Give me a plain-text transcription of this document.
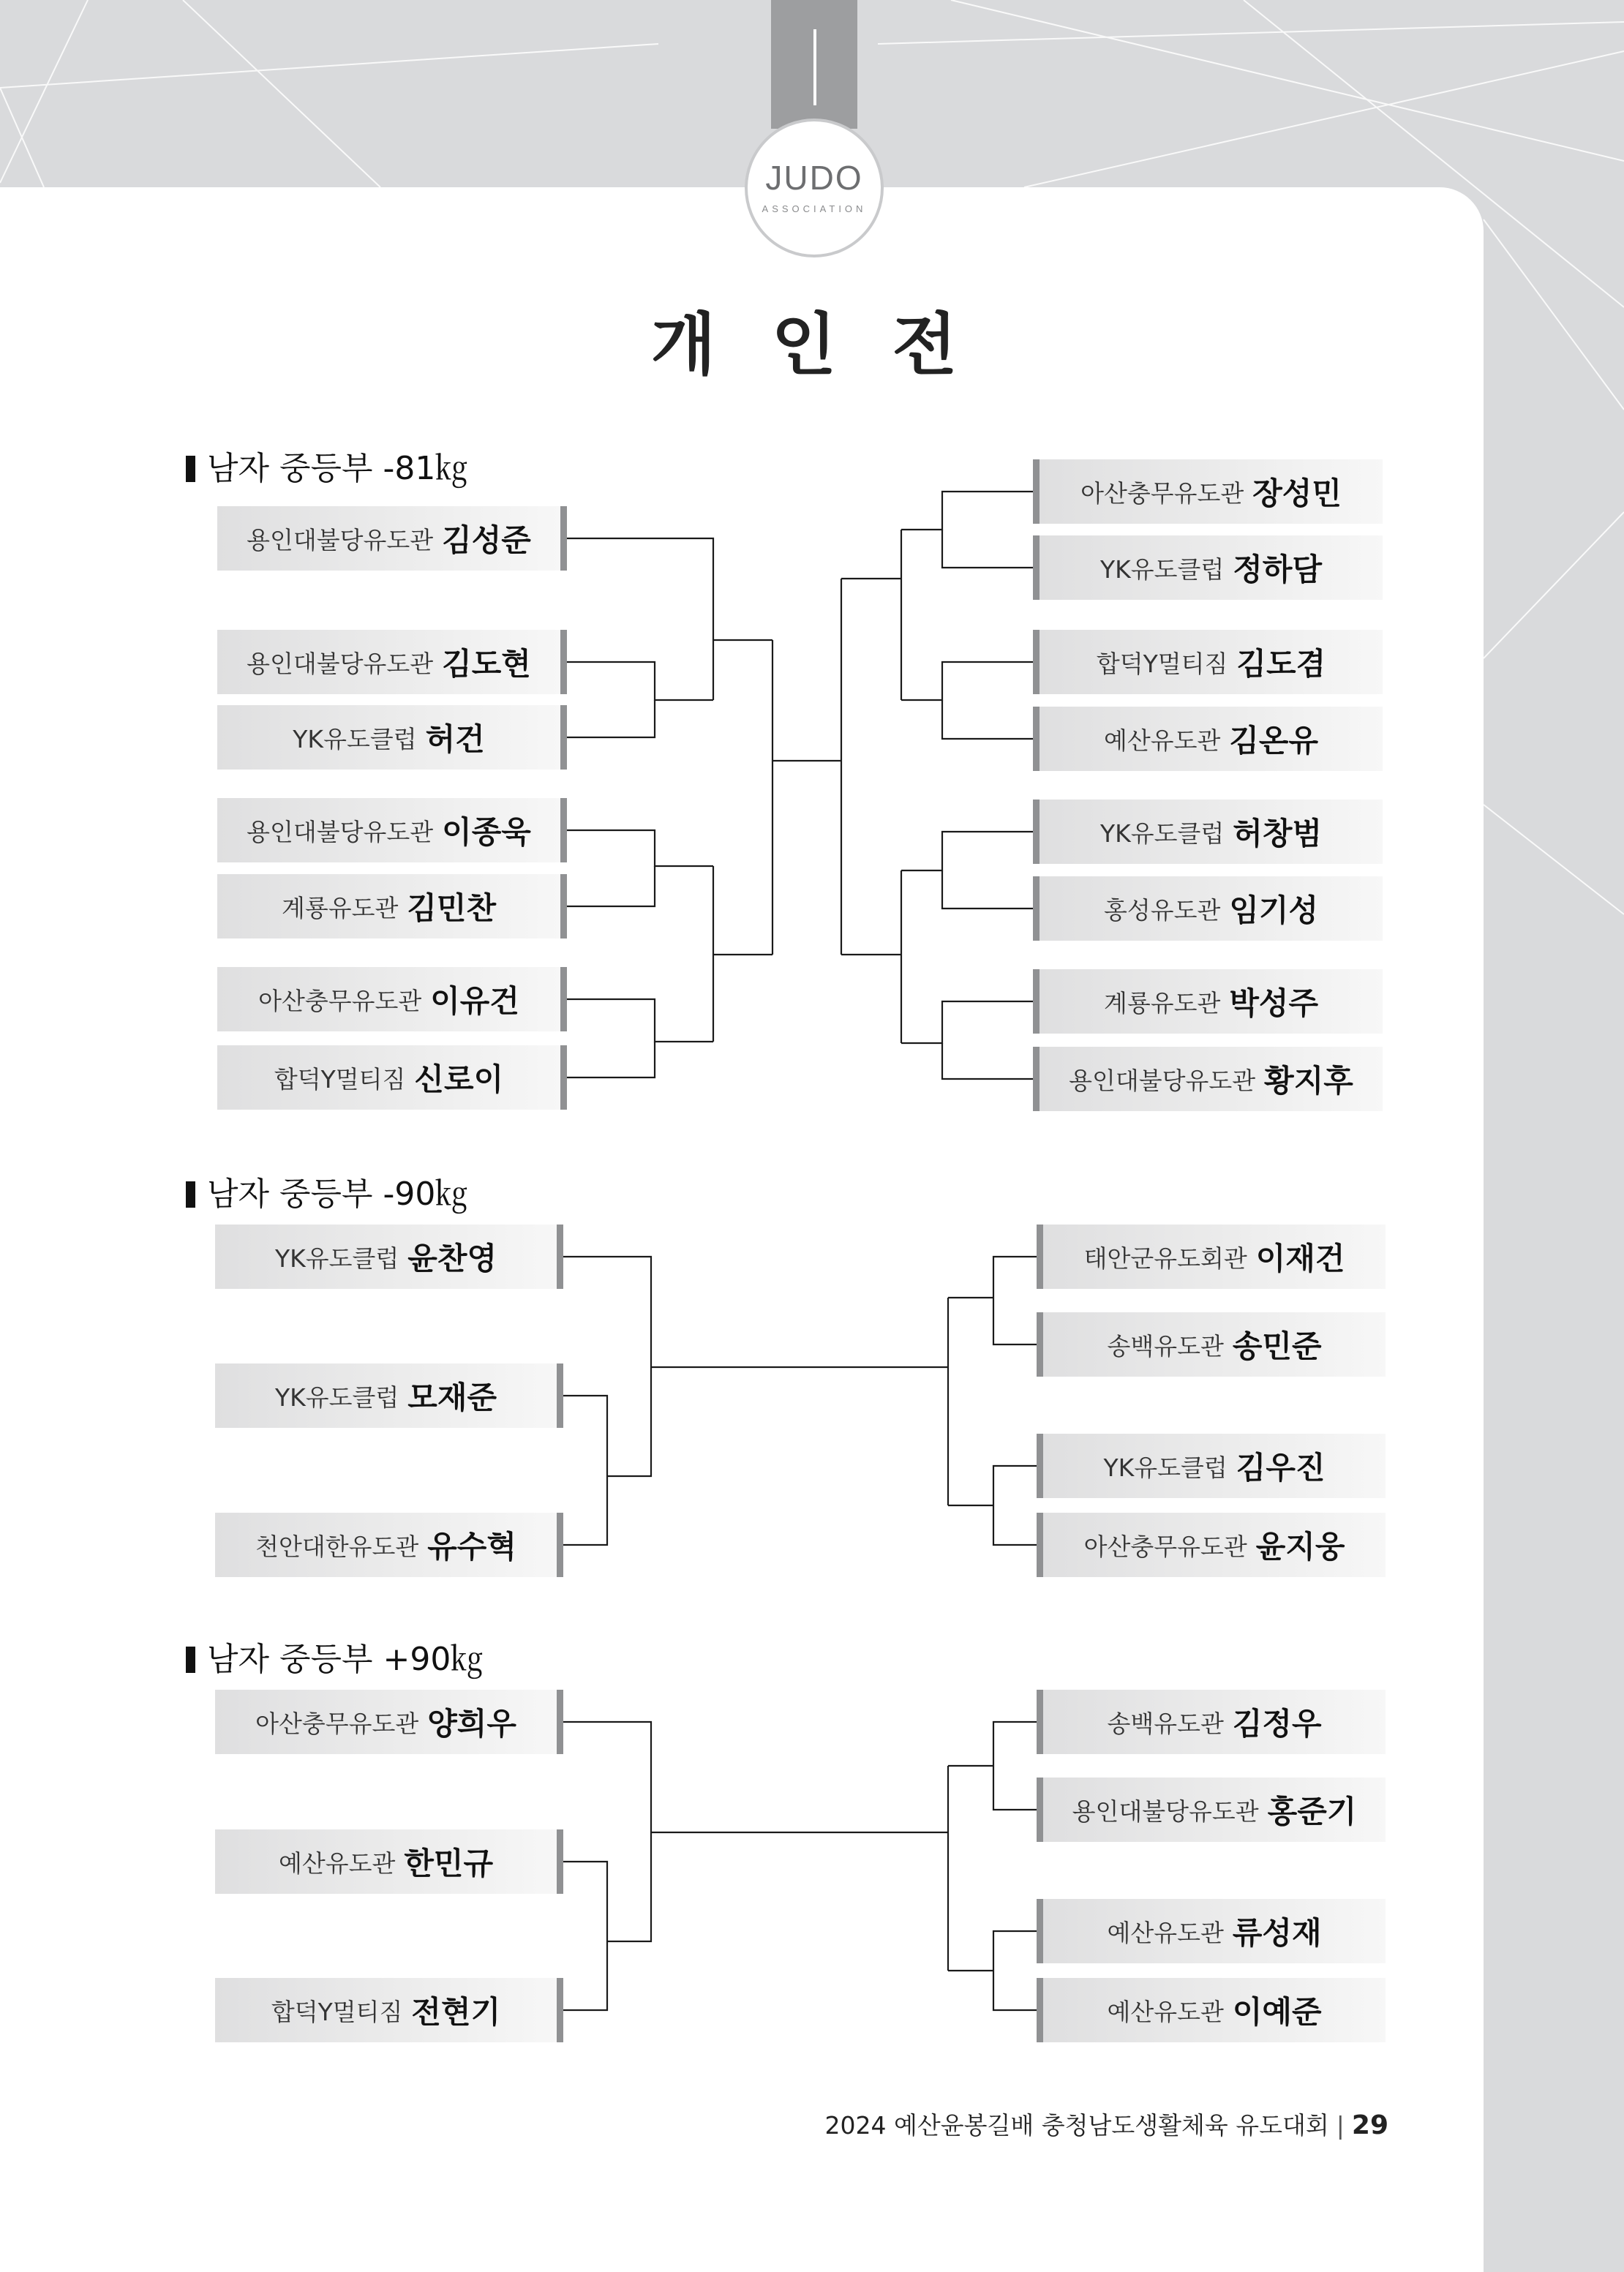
JUDO
ASSOCIATION
개 인 전
남자 중등부 -81㎏
남자 중등부 -90㎏
남자 중등부 +90㎏
용인대불당유도관 김성준
용인대불당유도관 김도현
YK유도클럽 허건
용인대불당유도관 이종욱
계룡유도관 김민찬
아산충무유도관 이유건
합덕Y멀티짐 신로이
아산충무유도관 장성민
YK유도클럽 정하담
합덕Y멀티짐 김도겸
예산유도관 김온유
YK유도클럽 허창범
홍성유도관 임기성
계룡유도관 박성주
용인대불당유도관 황지후
YK유도클럽 윤찬영
YK유도클럽 모재준
천안대한유도관 유수혁
태안군유도회관 이재건
송백유도관 송민준
YK유도클럽 김우진
아산충무유도관 윤지웅
아산충무유도관 양희우
예산유도관 한민규
합덕Y멀티짐 전현기
송백유도관 김정우
용인대불당유도관 홍준기
예산유도관 류성재
예산유도관 이예준
2024 예산윤봉길배 충청남도생활체육 유도대회 | 29
